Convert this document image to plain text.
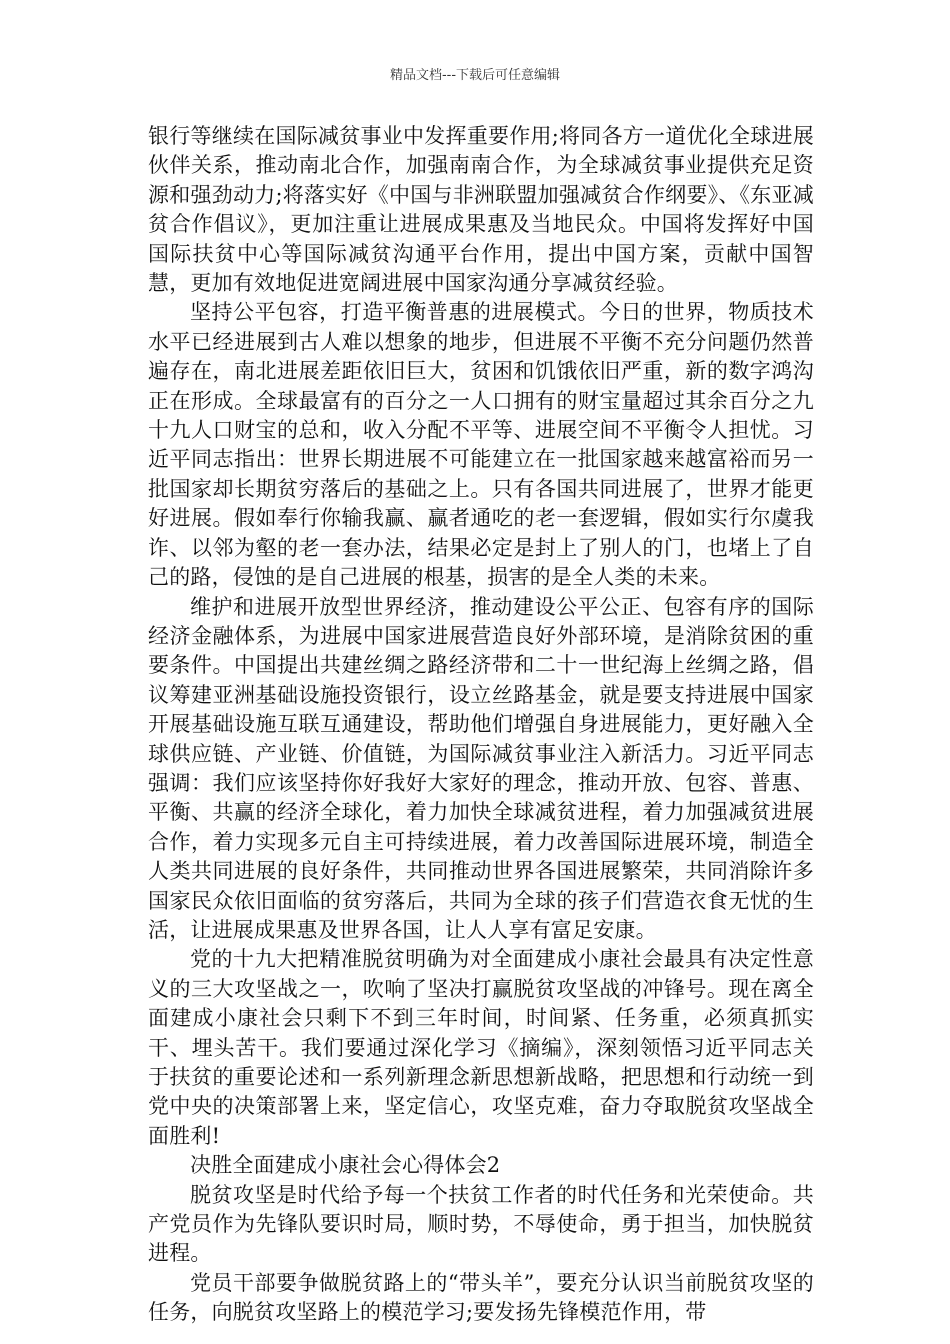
精品文档---下载后可任意编辑

银行等继续在国际减贫事业中发挥重要作用;将同各方一道优化全球进展伙伴关系，推动南北合作，加强南南合作，为全球减贫事业提供充足资源和强劲动力;将落实好《中国与非洲联盟加强减贫合作纲要》、《东亚减贫合作倡议》，更加注重让进展成果惠及当地民众。中国将发挥好中国国际扶贫中心等国际减贫沟通平台作用，提出中国方案，贡献中国智慧，更加有效地促进宽阔进展中国家沟通分享减贫经验。

坚持公平包容，打造平衡普惠的进展模式。今日的世界，物质技术水平已经进展到古人难以想象的地步，但进展不平衡不充分问题仍然普遍存在，南北进展差距依旧巨大，贫困和饥饿依旧严重，新的数字鸿沟正在形成。全球最富有的百分之一人口拥有的财宝量超过其余百分之九十九人口财宝的总和，收入分配不平等、进展空间不平衡令人担忧。习近平同志指出：世界长期进展不可能建立在一批国家越来越富裕而另一批国家却长期贫穷落后的基础之上。只有各国共同进展了，世界才能更好进展。假如奉行你输我赢、赢者通吃的老一套逻辑，假如实行尔虞我诈、以邻为壑的老一套办法，结果必定是封上了别人的门，也堵上了自己的路，侵蚀的是自己进展的根基，损害的是全人类的未来。

维护和进展开放型世界经济，推动建设公平公正、包容有序的国际经济金融体系，为进展中国家进展营造良好外部环境，是消除贫困的重要条件。中国提出共建丝绸之路经济带和二十一世纪海上丝绸之路，倡议筹建亚洲基础设施投资银行，设立丝路基金，就是要支持进展中国家开展基础设施互联互通建设，帮助他们增强自身进展能力，更好融入全球供应链、产业链、价值链，为国际减贫事业注入新活力。习近平同志强调：我们应该坚持你好我好大家好的理念，推动开放、包容、普惠、平衡、共赢的经济全球化，着力加快全球减贫进程，着力加强减贫进展合作，着力实现多元自主可持续进展，着力改善国际进展环境，制造全人类共同进展的良好条件，共同推动世界各国进展繁荣，共同消除许多国家民众依旧面临的贫穷落后，共同为全球的孩子们营造衣食无忧的生活，让进展成果惠及世界各国，让人人享有富足安康。

党的十九大把精准脱贫明确为对全面建成小康社会最具有决定性意义的三大攻坚战之一，吹响了坚决打赢脱贫攻坚战的冲锋号。现在离全面建成小康社会只剩下不到三年时间，时间紧、任务重，必须真抓实干、埋头苦干。我们要通过深化学习《摘编》，深刻领悟习近平同志关于扶贫的重要论述和一系列新理念新思想新战略，把思想和行动统一到党中央的决策部署上来，坚定信心，攻坚克难，奋力夺取脱贫攻坚战全面胜利!

决胜全面建成小康社会心得体会2

脱贫攻坚是时代给予每一个扶贫工作者的时代任务和光荣使命。共产党员作为先锋队要识时局，顺时势，不辱使命，勇于担当，加快脱贫进程。

党员干部要争做脱贫路上的“带头羊”，要充分认识当前脱贫攻坚的任务，向脱贫攻坚路上的模范学习;要发扬先锋模范作用，带
